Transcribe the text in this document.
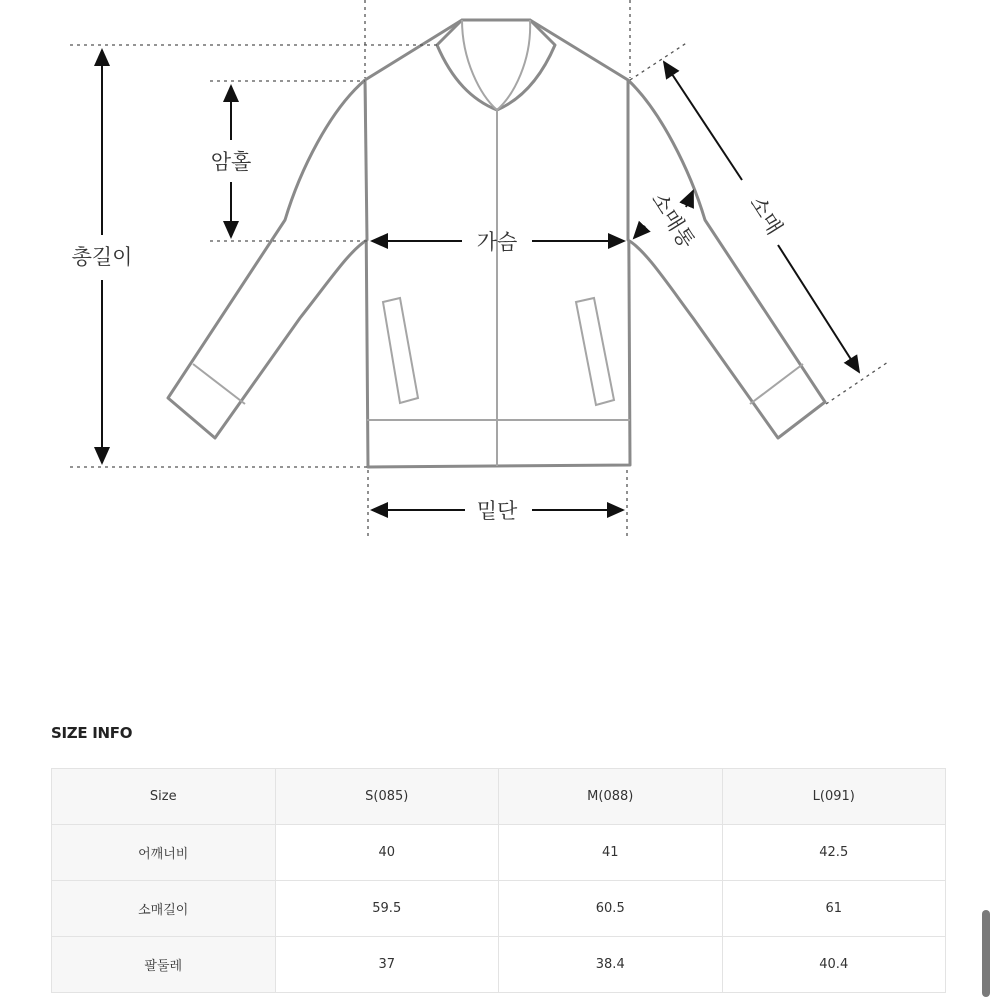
총길이
암홀
가슴
밑단
소매
소매통
SIZE INFO
Size	S(085)	M(088)	L(091)
어깨너비	40	41	42.5
소매길이	59.5	60.5	61
팔둘레	37	38.4	40.4
